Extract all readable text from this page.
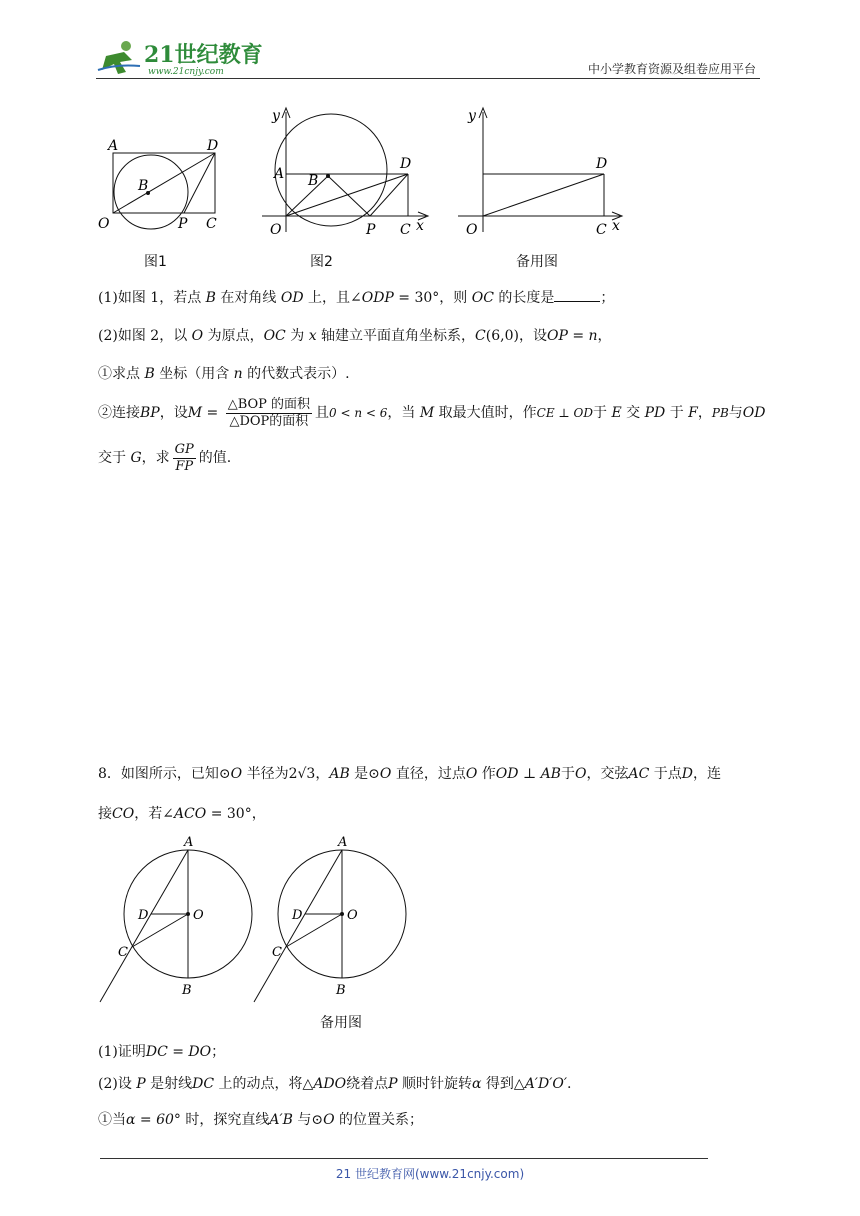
21世纪教育
www.21cnjy.com	中小学教育资源及组卷应用平台
A	D
B
O	P C
图1
y
A B
D
O	P C x
图2
y
D
O	C x
备用图
(1)如图 1，若点 B 在对角线 OD 上，且∠ODP = 30°，则 OC 的长度是	；
(2)如图 2，以 O 为原点，OC 为 x 轴建立平面直角坐标系，C(6,0)，设OP = n，
①求点 B 坐标（用含 n 的代数式表示）.
②连接BP，设$M = \frac{\text{△BOP 的面积}}{\text{△DOP的面积}}$ 且0 < n < 6，当 M 取最大值时，作CE ⊥ OD于 E 交 PD 于 F，PB与OD
交于 G，求 $\frac{GP}{FP}$ 的值.
8．如图所示，已知⊙O 半径为2√3，AB 是⊙O 直径，过点O 作OD ⊥ AB于O，交弦AC 于点D，连
接CO，若∠ACO = 30°，
A
D	O
C
B
A
D	O
C
B
备用图
(1)证明DC = DO；
(2)设 P 是射线DC 上的动点，将△ADO绕着点P 顺时针旋转α 得到△A′D′O′.
①当α = 60° 时，探究直线A′B 与⊙O 的位置关系；
21 世纪教育网(www.21cnjy.com)
